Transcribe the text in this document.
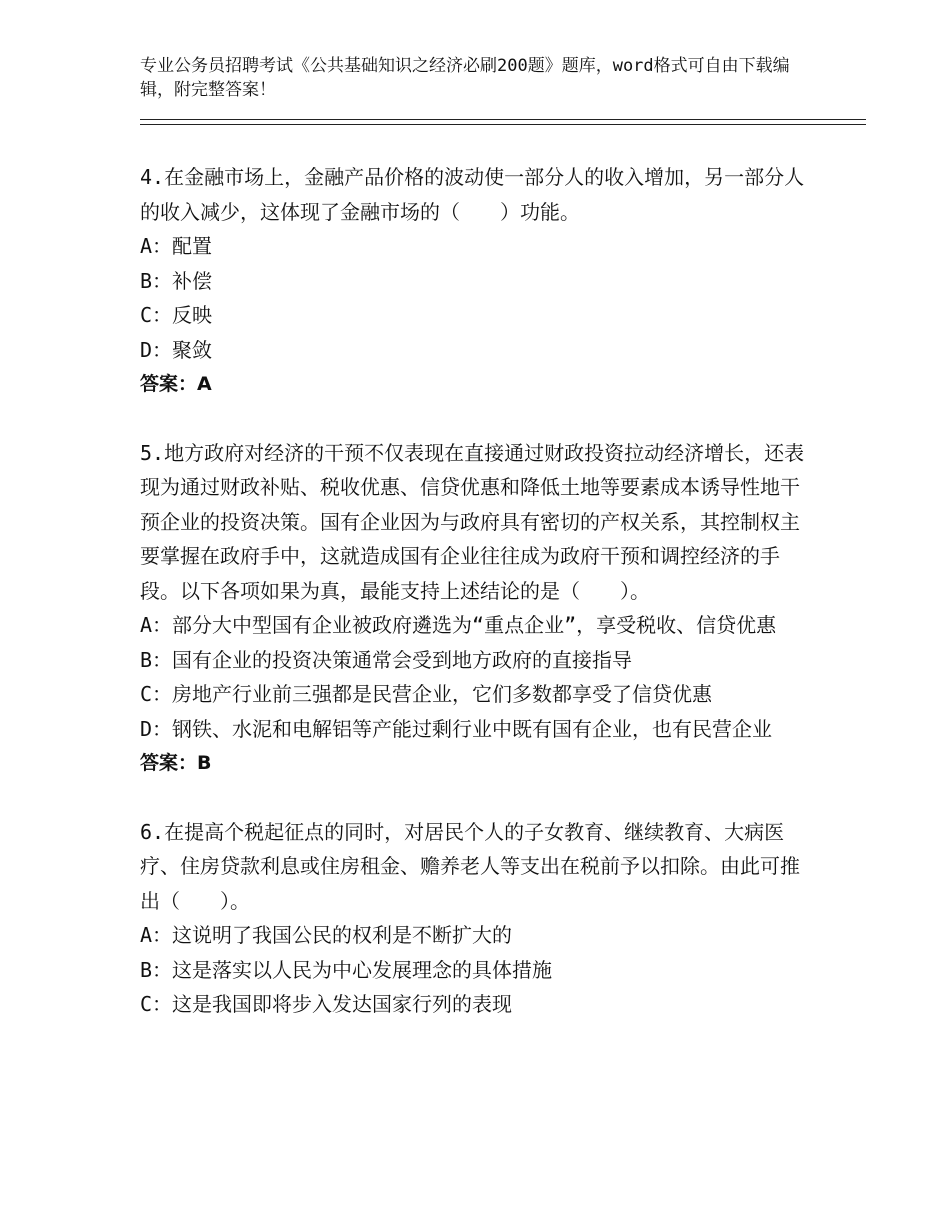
专业公务员招聘考试《公共基础知识之经济必刷200题》题库，word格式可自由下载编辑，附完整答案！

4.在金融市场上，金融产品价格的波动使一部分人的收入增加，另一部分人的收入减少，这体现了金融市场的（　　）功能。

A：配置

B：补偿

C：反映

D：聚敛

答案：A

5.地方政府对经济的干预不仅表现在直接通过财政投资拉动经济增长，还表现为通过财政补贴、税收优惠、信贷优惠和降低土地等要素成本诱导性地干预企业的投资决策。国有企业因为与政府具有密切的产权关系，其控制权主要掌握在政府手中，这就造成国有企业往往成为政府干预和调控经济的手段。以下各项如果为真，最能支持上述结论的是（　　）。

A：部分大中型国有企业被政府遴选为“重点企业”，享受税收、信贷优惠

B：国有企业的投资决策通常会受到地方政府的直接指导

C：房地产行业前三强都是民营企业，它们多数都享受了信贷优惠

D：钢铁、水泥和电解铝等产能过剩行业中既有国有企业，也有民营企业

答案：B

6.在提高个税起征点的同时，对居民个人的子女教育、继续教育、大病医疗、住房贷款利息或住房租金、赡养老人等支出在税前予以扣除。由此可推出（　　）。

A：这说明了我国公民的权利是不断扩大的

B：这是落实以人民为中心发展理念的具体措施

C：这是我国即将步入发达国家行列的表现
